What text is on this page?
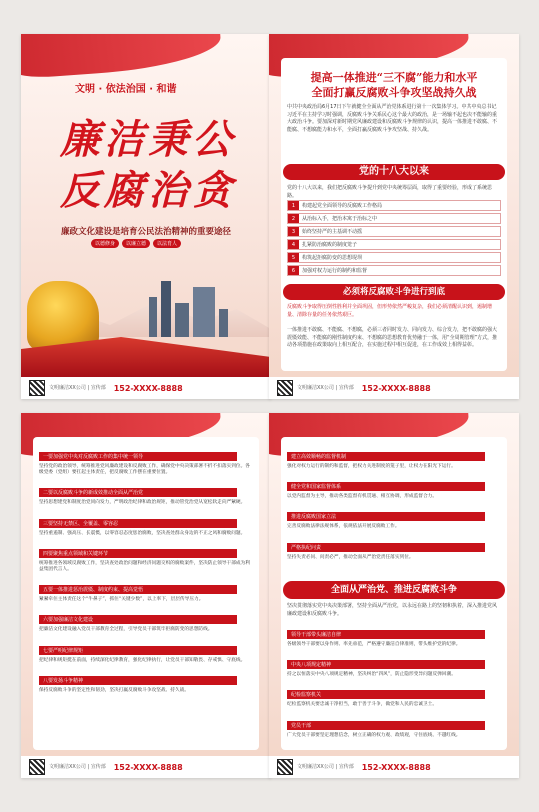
文明 · 依法治国 · 和谐
廉洁秉公
反腐治贪
廉政文化建设是培育公民法治精神的重要途径
以德修身	以廉立德	以法育人
文明廉洁XX公司 | 宣传部 152-XXXX-8888
提高一体推进“三不腐”能力和水平
全面打赢反腐败斗争攻坚战持久战
中共中央政治局6月17日下午就健全全面从严治党体系进行第十一次集体学习。中共中央总书记习近平在主持学习时强调，反腐败斗争关系民心这个最大的政治，是一场输不起也决不能输的重大政治斗争。要加深对新时期党风廉政建设和反腐败斗争规律的认识，提高一体推进不敢腐、不能腐、不想腐能力和水平，全面打赢反腐败斗争攻坚战、持久战。
党的十八大以来
党的十八大以来，我们把反腐败斗争提升到党中央统筹层面，取得了重要经验，形成了系统思路。
1	构建起党全面领导的反腐败工作格局
2	从治标入手，把治本寓于治标之中
3	始终坚持严的主基调不动摇
4	扎紧防治腐败的制度笼子
5	构筑起拒腐防变的思想堤坝
6	加强对权力运行的制约和监督
必须将反腐败斗争进行到底
反腐败斗争取得压倒性胜利并全面巩固，但形势依然严峻复杂，我们必须清醒认识到，遏制增量、清除存量的任务依然艰巨。
一体推进不敢腐、不能腐、不想腐，必须三者同时发力、同向发力、综合发力，把不敢腐的强大震慑效能、不能腐的刚性制度约束、不想腐的思想教育优势融于一体，用“全周期管理”方式，推动各项措施在政策取向上相互配合，在实施过程中相互促进，在工作成效上相得益彰。
文明廉洁XX公司 | 宣传部 152-XXXX-8888
一要加强党中央对反腐败工作的集中统一领导
坚持党的政治领导，统筹推进党风廉政建设和反腐败工作，确保党中央决策部署不折不扣落实到位。各级党委（党组）要扛起主体责任，把反腐败工作摆在重要位置。
二要以反腐败斗争的新成效推动全面从严治党
坚持思想建党和制度治党同向发力，严明政治纪律和政治规矩，推动管党治党从宽松软走向严紧硬。
三要坚持无禁区、全覆盖、零容忍
坚持重遏制、强高压、长震慑，以零容忍态度惩治腐败，坚决查处群众身边的不正之风和腐败问题。
四要聚焦重点领域和关键环节
统筹推进各领域反腐败工作，坚决查处政治问题和经济问题交织的腐败案件，坚决防止领导干部成为利益集团代言人。
五要一体推进惩治震慑、制度约束、提高觉悟
紧紧牵住主体责任这个“牛鼻子”，抓住“关键少数”，以上率下，层层传导压力。
六要加强廉洁文化建设
把廉洁文化建设融入党员干部教育全过程，引导党员干部筑牢拒腐防变的思想防线。
七要严明纪律规矩
把纪律和规矩挺在前面，持续深化纪律教育，强化纪律执行，让党员干部知敬畏、存戒惧、守底线。
八要发扬斗争精神
保持反腐败斗争的坚定性和韧劲，坚决打赢反腐败斗争攻坚战、持久战。
文明廉洁XX公司 | 宣传部 152-XXXX-8888
建立高效顺畅的监督机制
强化对权力运行的制约和监督，把权力关进制度的笼子里，让权力在阳光下运行。
健全党和国家监督体系
以党内监督为主导，推动各类监督有机贯通、相互协调，形成监督合力。
推进反腐败国家立法
完善反腐败法律法规体系，依规依法开展反腐败工作。
严格执纪问责
坚持失责必问、问责必严，推动全面从严治党责任落实到位。
全面从严治党、推进反腐败斗争
坚决贯彻落实党中央决策部署，坚持全面从严治党，以永远在路上的坚韧和执着，深入推进党风廉政建设和反腐败斗争。
领导干部带头廉洁自律
各级领导干部要以身作则、率先垂范，严格遵守廉洁自律准则，带头维护党的纪律。
中央八项规定精神
持之以恒落实中央八项规定精神，坚决纠治“四风”，防止隐形变异问题反弹回潮。
纪检监察机关
纪检监察机关要忠诚干净担当，敢于善于斗争，做党和人民的忠诚卫士。
党员干部
广大党员干部要坚定理想信念，树立正确的权力观、政绩观，守住底线、不越红线。
文明廉洁XX公司 | 宣传部 152-XXXX-8888
